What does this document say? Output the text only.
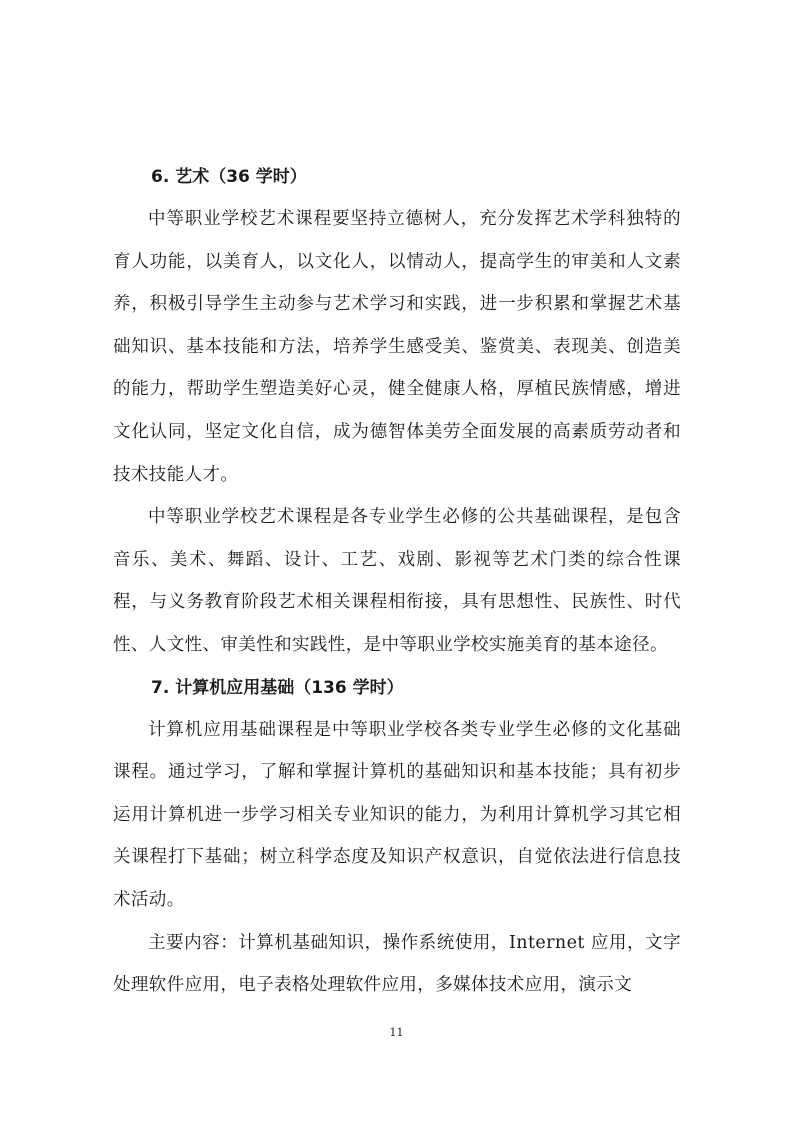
6. 艺术（36 学时）

中等职业学校艺术课程要坚持立德树人，充分发挥艺术学科独特的育人功能，以美育人，以文化人，以情动人，提高学生的审美和人文素养，积极引导学生主动参与艺术学习和实践，进一步积累和掌握艺术基础知识、基本技能和方法，培养学生感受美、鉴赏美、表现美、创造美的能力，帮助学生塑造美好心灵，健全健康人格，厚植民族情感，增进文化认同，坚定文化自信，成为德智体美劳全面发展的高素质劳动者和技术技能人才。

中等职业学校艺术课程是各专业学生必修的公共基础课程，是包含音乐、美术、舞蹈、设计、工艺、戏剧、影视等艺术门类的综合性课程，与义务教育阶段艺术相关课程相衔接，具有思想性、民族性、时代性、人文性、审美性和实践性，是中等职业学校实施美育的基本途径。

7. 计算机应用基础（136 学时）

计算机应用基础课程是中等职业学校各类专业学生必修的文化基础课程。通过学习，了解和掌握计算机的基础知识和基本技能；具有初步运用计算机进一步学习相关专业知识的能力，为利用计算机学习其它相关课程打下基础；树立科学态度及知识产权意识，自觉依法进行信息技术活动。

主要内容：计算机基础知识，操作系统使用，Internet 应用，文字处理软件应用，电子表格处理软件应用，多媒体技术应用，演示文

11
